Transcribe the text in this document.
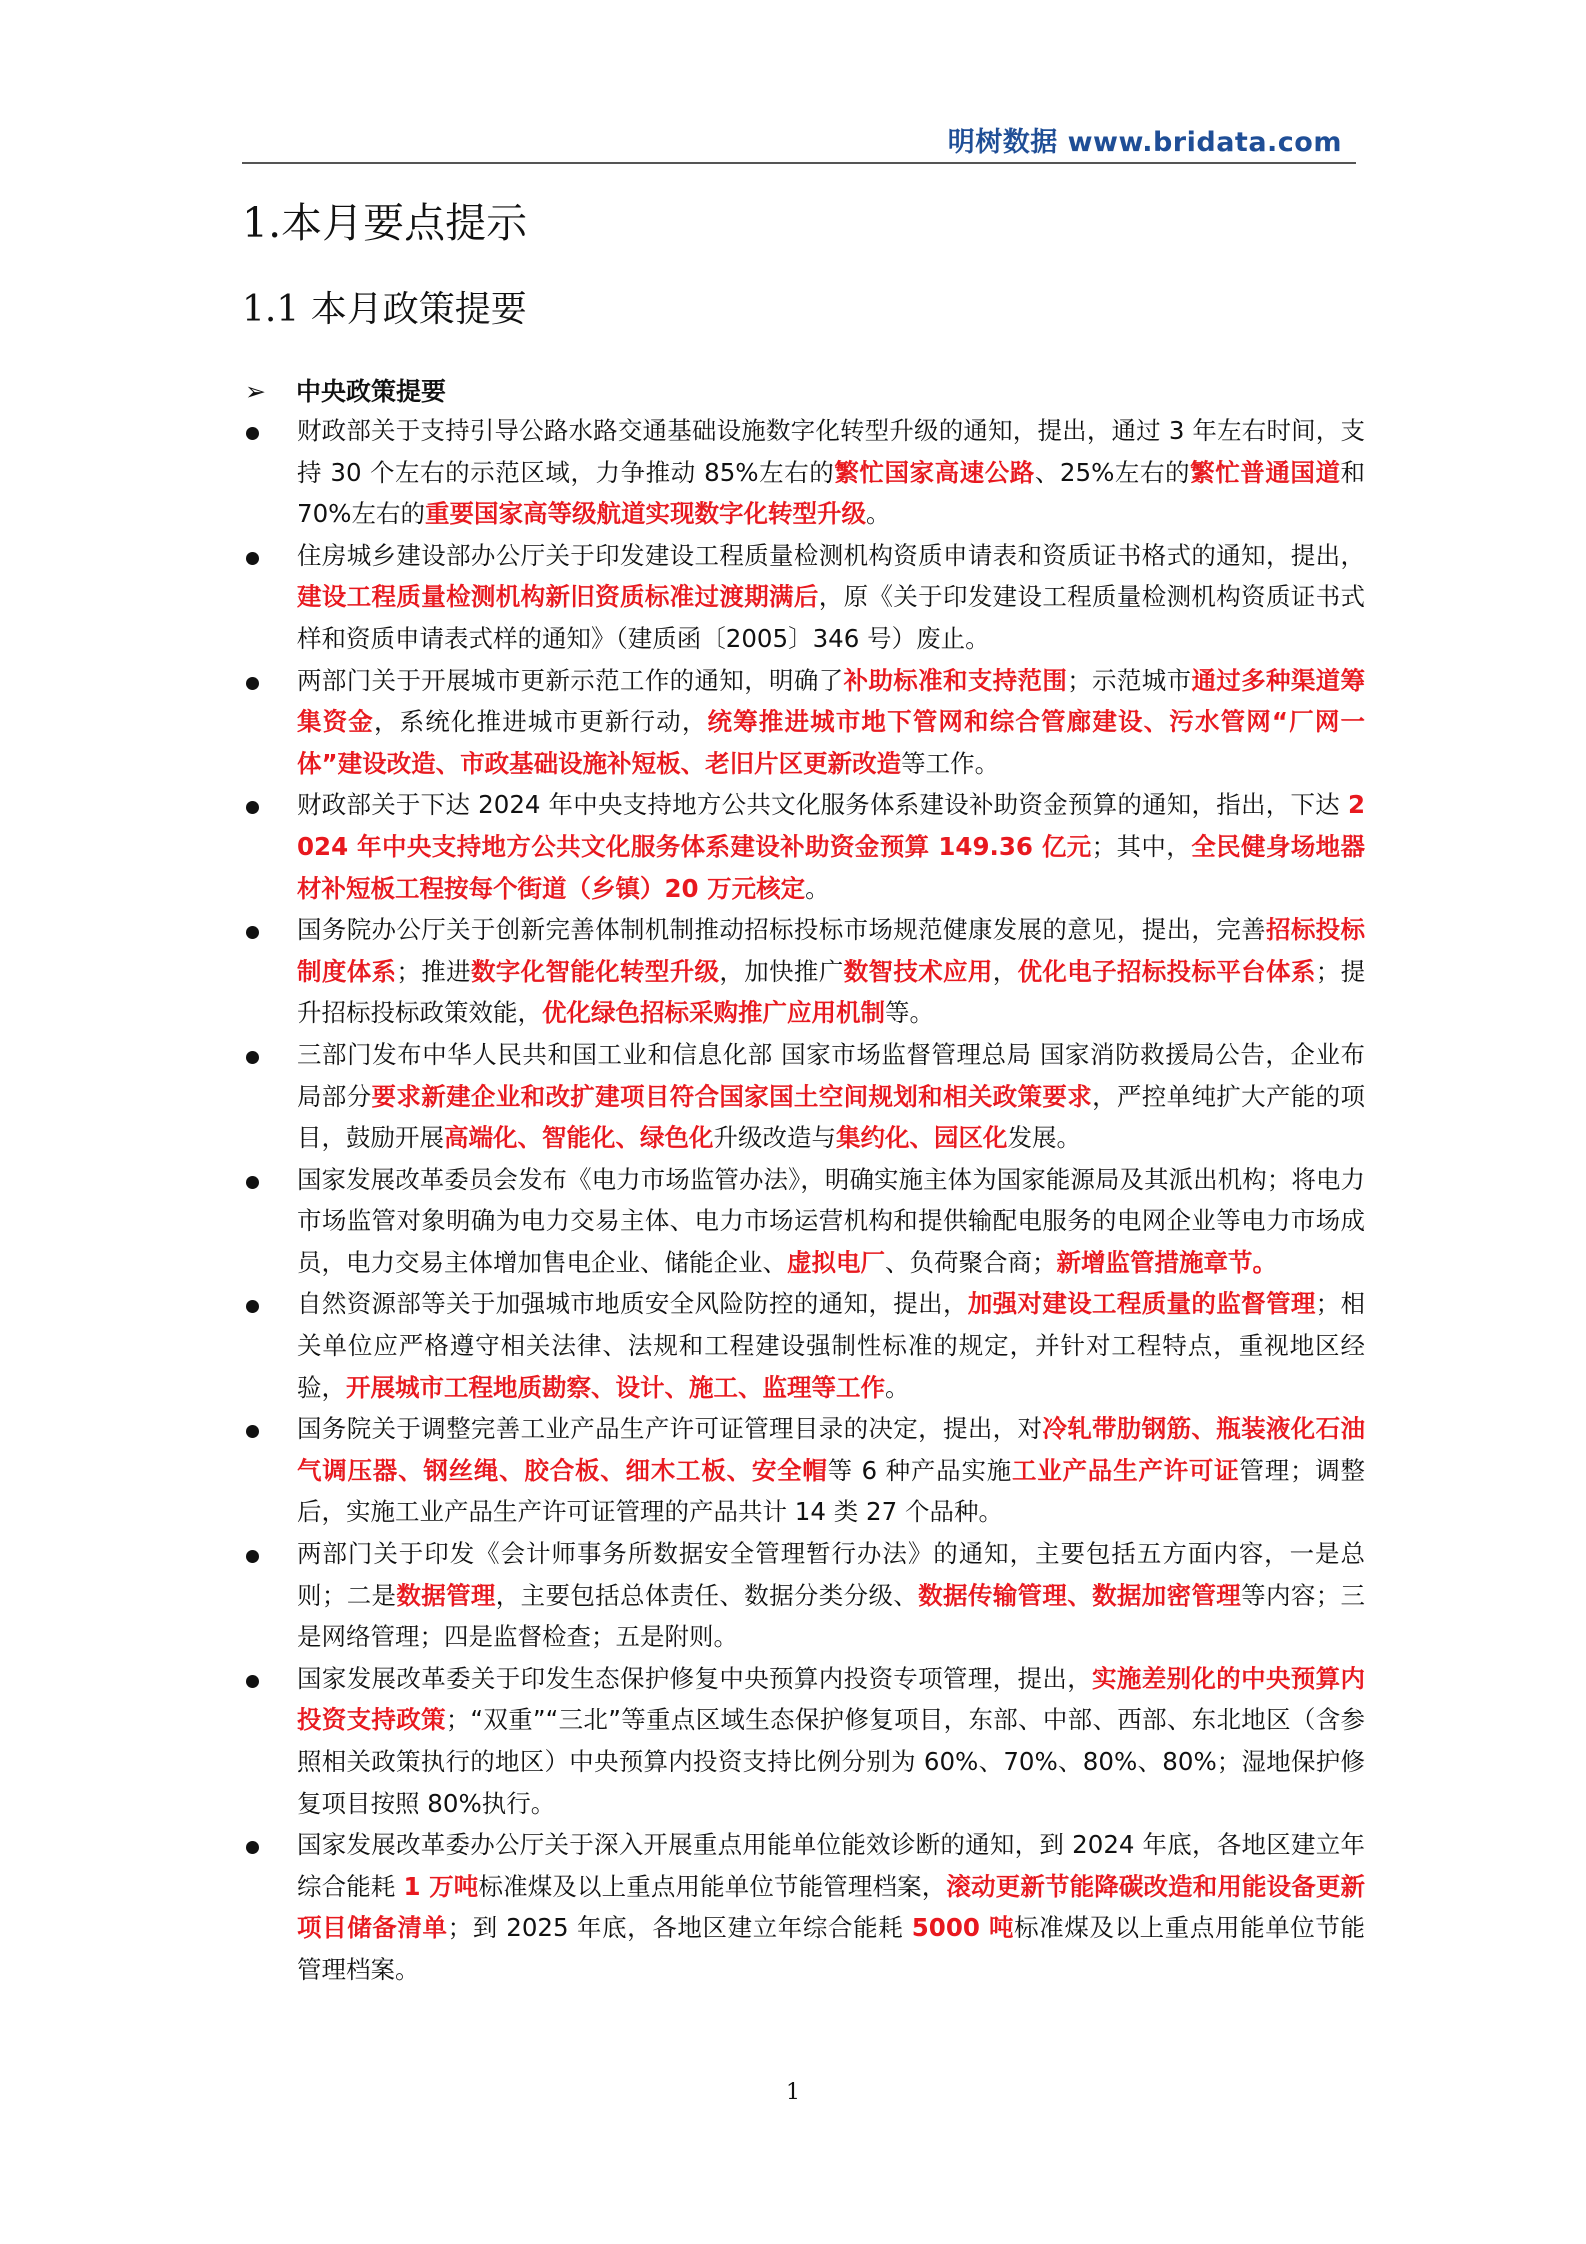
明树数据 www.bridata.com
1.本月要点提示
1.1 本月政策提要
➢ 中央政策提要
财政部关于支持引导公路水路交通基础设施数字化转型升级的通知，提出，通过 3 年左右时间，支持 30 个左右的示范区域，力争推动 85%左右的繁忙国家高速公路、25%左右的繁忙普通国道和 70%左右的重要国家高等级航道实现数字化转型升级。
住房城乡建设部办公厅关于印发建设工程质量检测机构资质申请表和资质证书格式的通知，提出，建设工程质量检测机构新旧资质标准过渡期满后，原《关于印发建设工程质量检测机构资质证书式样和资质申请表式样的通知》（建质函〔2005〕346 号）废止。
两部门关于开展城市更新示范工作的通知，明确了补助标准和支持范围；示范城市通过多种渠道筹集资金，系统化推进城市更新行动，统筹推进城市地下管网和综合管廊建设、污水管网“厂网一体”建设改造、市政基础设施补短板、老旧片区更新改造等工作。
财政部关于下达 2024 年中央支持地方公共文化服务体系建设补助资金预算的通知，指出，下达 2024 年中央支持地方公共文化服务体系建设补助资金预算 149.36 亿元；其中，全民健身场地器材补短板工程按每个街道（乡镇）20 万元核定。
国务院办公厅关于创新完善体制机制推动招标投标市场规范健康发展的意见，提出，完善招标投标制度体系；推进数字化智能化转型升级，加快推广数智技术应用，优化电子招标投标平台体系；提升招标投标政策效能，优化绿色招标采购推广应用机制等。
三部门发布中华人民共和国工业和信息化部 国家市场监督管理总局 国家消防救援局公告，企业布局部分要求新建企业和改扩建项目符合国家国土空间规划和相关政策要求，严控单纯扩大产能的项目，鼓励开展高端化、智能化、绿色化升级改造与集约化、园区化发展。
国家发展改革委员会发布《电力市场监管办法》，明确实施主体为国家能源局及其派出机构；将电力市场监管对象明确为电力交易主体、电力市场运营机构和提供输配电服务的电网企业等电力市场成员，电力交易主体增加售电企业、储能企业、虚拟电厂、负荷聚合商；新增监管措施章节。
自然资源部等关于加强城市地质安全风险防控的通知，提出，加强对建设工程质量的监督管理；相关单位应严格遵守相关法律、法规和工程建设强制性标准的规定，并针对工程特点，重视地区经验，开展城市工程地质勘察、设计、施工、监理等工作。
国务院关于调整完善工业产品生产许可证管理目录的决定，提出，对冷轧带肋钢筋、瓶装液化石油气调压器、钢丝绳、胶合板、细木工板、安全帽等 6 种产品实施工业产品生产许可证管理；调整后，实施工业产品生产许可证管理的产品共计 14 类 27 个品种。
两部门关于印发《会计师事务所数据安全管理暂行办法》的通知，主要包括五方面内容，一是总则；二是数据管理，主要包括总体责任、数据分类分级、数据传输管理、数据加密管理等内容；三是网络管理；四是监督检查；五是附则。
国家发展改革委关于印发生态保护修复中央预算内投资专项管理，提出，实施差别化的中央预算内投资支持政策；“双重”“三北”等重点区域生态保护修复项目，东部、中部、西部、东北地区（含参照相关政策执行的地区）中央预算内投资支持比例分别为 60%、70%、80%、80%；湿地保护修复项目按照 80%执行。
国家发展改革委办公厅关于深入开展重点用能单位能效诊断的通知，到 2024 年底，各地区建立年综合能耗 1 万吨标准煤及以上重点用能单位节能管理档案，滚动更新节能降碳改造和用能设备更新项目储备清单；到 2025 年底，各地区建立年综合能耗 5000 吨标准煤及以上重点用能单位节能管理档案。
1
